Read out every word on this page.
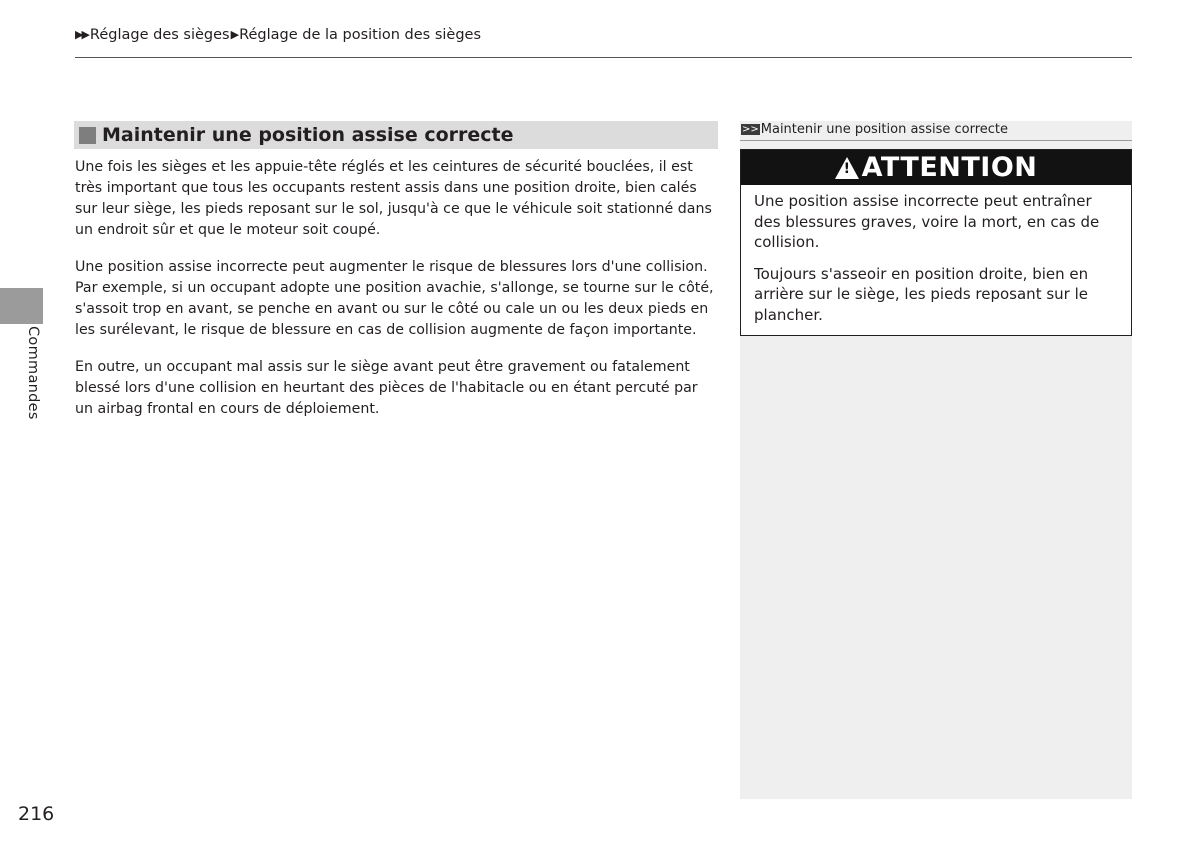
▶▶ Réglage des sièges▶ Réglage de la position des sièges
Commandes
Maintenir une position assise correcte

Une fois les sièges et les appuie-tête réglés et les ceintures de sécurité bouclées, il est très important que tous les occupants restent assis dans une position droite, bien calés sur leur siège, les pieds reposant sur le sol, jusqu'à ce que le véhicule soit stationné dans un endroit sûr et que le moteur soit coupé.

Une position assise incorrecte peut augmenter le risque de blessures lors d'une collision. Par exemple, si un occupant adopte une position avachie, s'allonge, se tourne sur le côté, s'assoit trop en avant, se penche en avant ou sur le côté ou cale un ou les deux pieds en les surélevant, le risque de blessure en cas de collision augmente de façon importante.

En outre, un occupant mal assis sur le siège avant peut être gravement ou fatalement blessé lors d'une collision en heurtant des pièces de l'habitacle ou en étant percuté par un airbag frontal en cours de déploiement.

>> Maintenir une position assise correcte
!
ATTENTION

Une position assise incorrecte peut entraîner des blessures graves, voire la mort, en cas de collision.

Toujours s'asseoir en position droite, bien en arrière sur le siège, les pieds reposant sur le plancher.

216
